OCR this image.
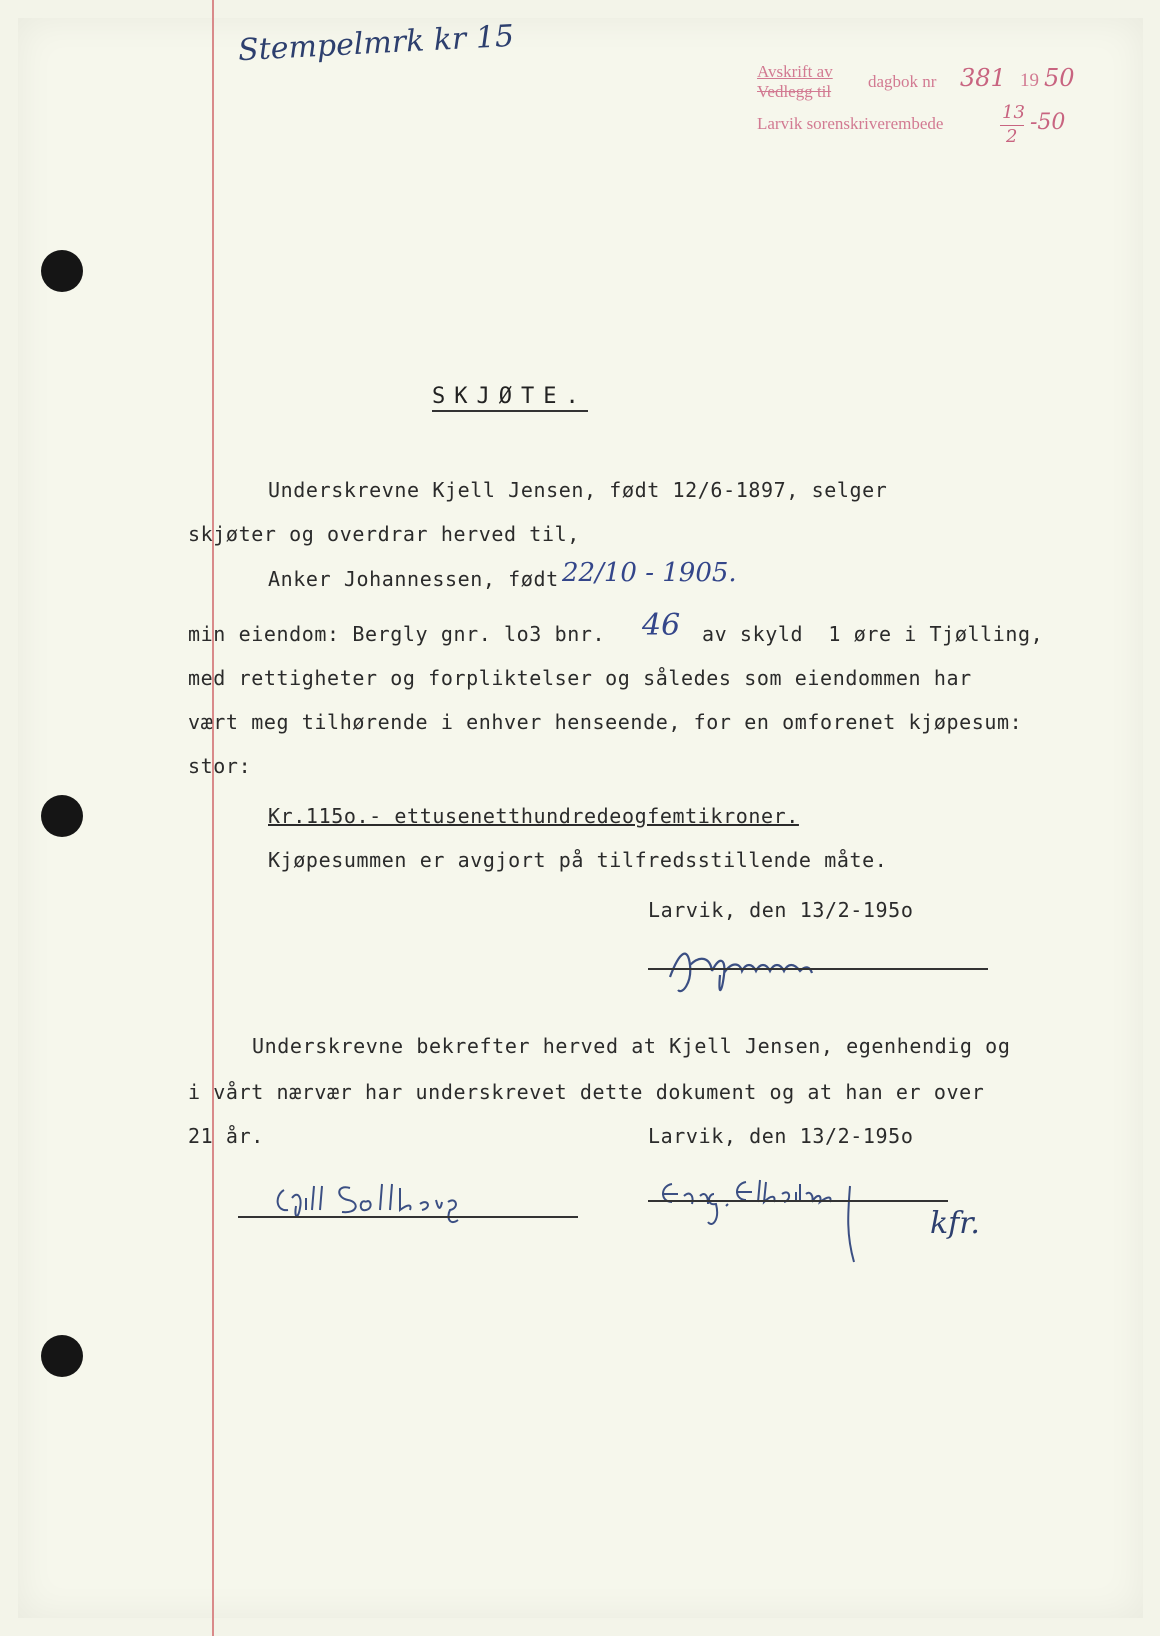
Stempelmrk kr 15
Avskrift av
Vedlegg til
dagbok nr 381 19 50
Larvik sorenskriverembede
13
2
-50
SKJØTE.
Underskrevne Kjell Jensen, født 12/6-1897, selger
skjøter og overdrar herved til,
Anker Johannessen, født 22/10 - 1905.
min eiendom: Bergly gnr. lo3 bnr. 46 av skyld  1 øre i Tjølling,
med rettigheter og forpliktelser og således som eiendommen har
vært meg tilhørende i enhver henseende, for en omforenet kjøpesum:
stor:
Kr.115o.- ettusenetthundredeogfemtikroner.
Kjøpesummen er avgjort på tilfredsstillende måte.
Larvik, den 13/2-195o
Underskrevne bekrefter herved at Kjell Jensen, egenhendig og
i vårt nærvær har underskrevet dette dokument og at han er over
21 år.	Larvik, den 13/2-195o
kfr.
